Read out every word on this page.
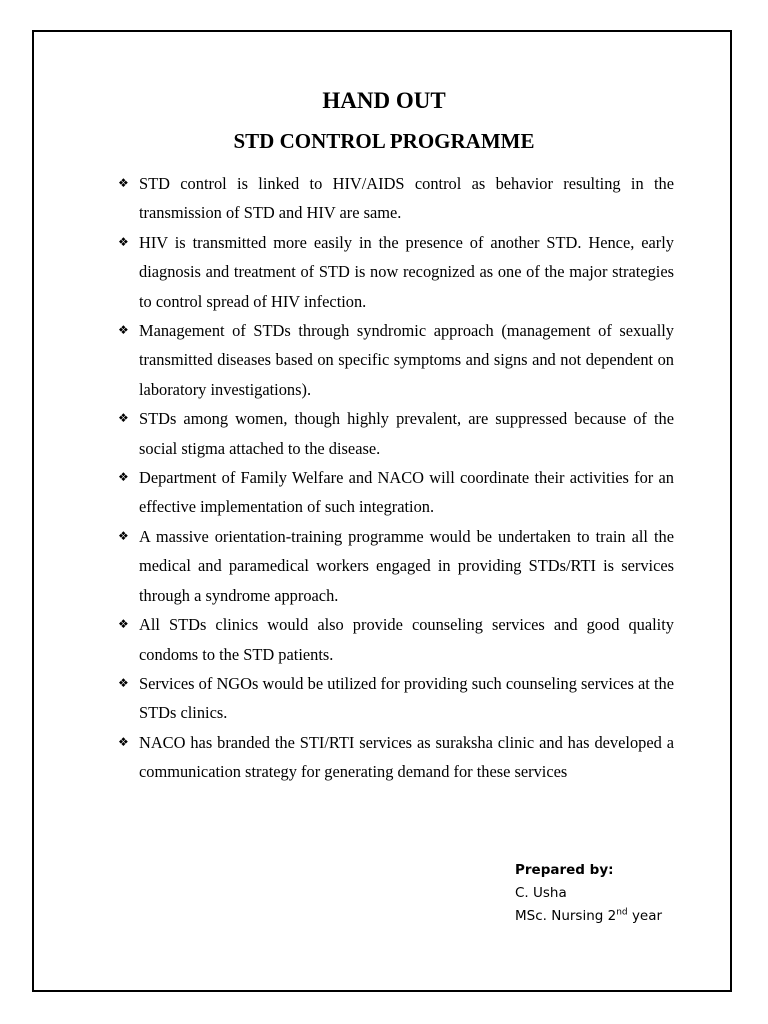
HAND OUT
STD CONTROL PROGRAMME
❖ STD control is linked to HIV/AIDS control as behavior resulting in the transmission of STD and HIV are same.
❖ HIV is transmitted more easily in the presence of another STD. Hence, early diagnosis and treatment of STD is now recognized as one of the major strategies to control spread of HIV infection.
❖ Management of STDs through syndromic approach (management of sexually transmitted diseases based on specific symptoms and signs and not dependent on laboratory investigations).
❖ STDs among women, though highly prevalent, are suppressed because of the social stigma attached to the disease.
❖ Department of Family Welfare and NACO will coordinate their activities for an effective implementation of such integration.
❖ A massive orientation-training programme would be undertaken to train all the medical and paramedical workers engaged in providing STDs/RTI is services through a syndrome approach.
❖ All STDs clinics would also provide counseling services and good quality condoms to the STD patients.
❖ Services of NGOs would be utilized for providing such counseling services at the STDs clinics.
❖ NACO has branded the STI/RTI services as suraksha clinic and has developed a communication strategy for generating demand for these services
Prepared by:
C. Usha
MSc. Nursing 2nd year
